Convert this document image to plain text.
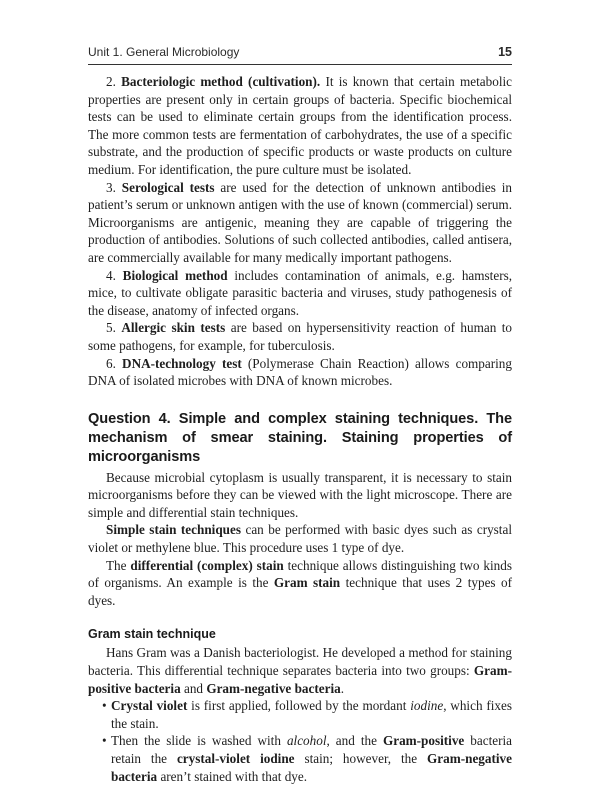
Unit 1. General Microbiology	15

2. Bacteriologic method (cultivation). It is known that certain metabolic properties are present only in certain groups of bacteria. Specific biochemical tests can be used to eliminate certain groups from the identification process. The more common tests are fermentation of carbohydrates, the use of a specific substrate, and the production of specific products or waste products on culture medium. For identification, the pure culture must be isolated.

3. Serological tests are used for the detection of unknown antibodies in patient’s serum or unknown antigen with the use of known (commercial) serum. Microorganisms are antigenic, meaning they are capable of triggering the production of antibodies. Solutions of such collected antibodies, called antisera, are commercially available for many medically important pathogens.

4. Biological method includes contamination of animals, e.g. hamsters, mice, to cultivate obligate parasitic bacteria and viruses, study pathogenesis of the disease, anatomy of infected organs.

5. Allergic skin tests are based on hypersensitivity reaction of human to some pathogens, for example, for tuberculosis.

6. DNA-technology test (Polymerase Chain Reaction) allows comparing DNA of isolated microbes with DNA of known microbes.

Question 4. Simple and complex staining techniques. The mechanism of smear staining. Staining properties of microorganisms

Because microbial cytoplasm is usually transparent, it is necessary to stain microorganisms before they can be viewed with the light microscope. There are simple and differential stain techniques.

Simple stain techniques can be performed with basic dyes such as crystal violet or methylene blue. This procedure uses 1 type of dye.

The differential (complex) stain technique allows distinguishing two kinds of organisms. An example is the Gram stain technique that uses 2 types of dyes.

Gram stain technique

Hans Gram was a Danish bacteriologist. He developed a method for staining bacteria. This differential technique separates bacteria into two groups: Gram-positive bacteria and Gram-negative bacteria.

• Crystal violet is first applied, followed by the mordant iodine, which fixes the stain.
• Then the slide is washed with alcohol, and the Gram-positive bacteria retain the crystal-violet iodine stain; however, the Gram-negative bacteria aren’t stained with that dye.
